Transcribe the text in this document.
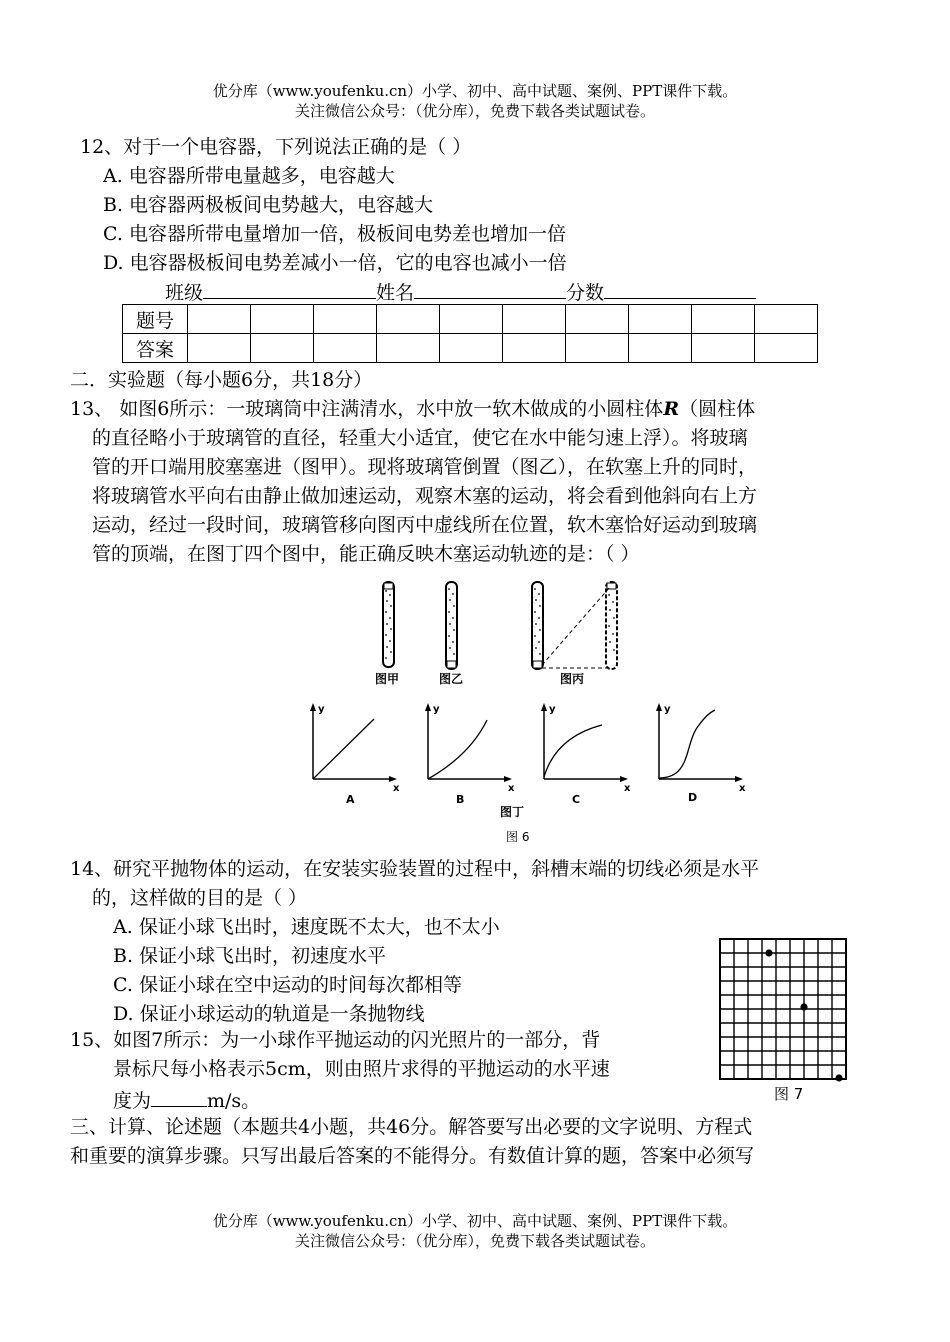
优分库（www.youfenku.cn）小学、初中、高中试题、案例、PPT课件下载。
关注微信公众号：（优分库），免费下载各类试题试卷。
12、对于一个电容器，下列说法正确的是（ ）
A. 电容器所带电量越多，电容越大
B. 电容器两极板间电势越大，电容越大
C. 电容器所带电量增加一倍，极板间电势差也增加一倍
D. 电容器极板间电势差减小一倍，它的电容也减小一倍
班级	姓名	分数
题号										
答案										
二．实验题（每小题6分，共18分）
13、 如图6所示：一玻璃筒中注满清水，水中放一软木做成的小圆柱体R（圆柱体
的直径略小于玻璃管的直径，轻重大小适宜，使它在水中能匀速上浮）。将玻璃
管的开口端用胶塞塞进（图甲）。现将玻璃管倒置（图乙），在软塞上升的同时，
将玻璃管水平向右由静止做加速运动，观察木塞的运动，将会看到他斜向右上方
运动，经过一段时间，玻璃管移向图丙中虚线所在位置，软木塞恰好运动到玻璃
管的顶端，在图丁四个图中，能正确反映木塞运动轨迹的是：（ ）
图甲	图乙	图丙
y
x
A
y
x
B
y
x
C
y
x
D
图丁
图 6
14、研究平抛物体的运动，在安装实验装置的过程中，斜槽末端的切线必须是水平
的，这样做的目的是（ ）
A. 保证小球飞出时，速度既不太大，也不太小
B. 保证小球飞出时，初速度水平
C. 保证小球在空中运动的时间每次都相等
D. 保证小球运动的轨道是一条抛物线
图 7
15、如图7所示：为一小球作平抛运动的闪光照片的一部分，背
景标尺每小格表示5cm，则由照片求得的平抛运动的水平速
度为	m/s。
三、计算、论述题（本题共4小题，共46分。解答要写出必要的文字说明、方程式
和重要的演算步骤。只写出最后答案的不能得分。有数值计算的题，答案中必须写
优分库（www.youfenku.cn）小学、初中、高中试题、案例、PPT课件下载。
关注微信公众号：（优分库），免费下载各类试题试卷。
